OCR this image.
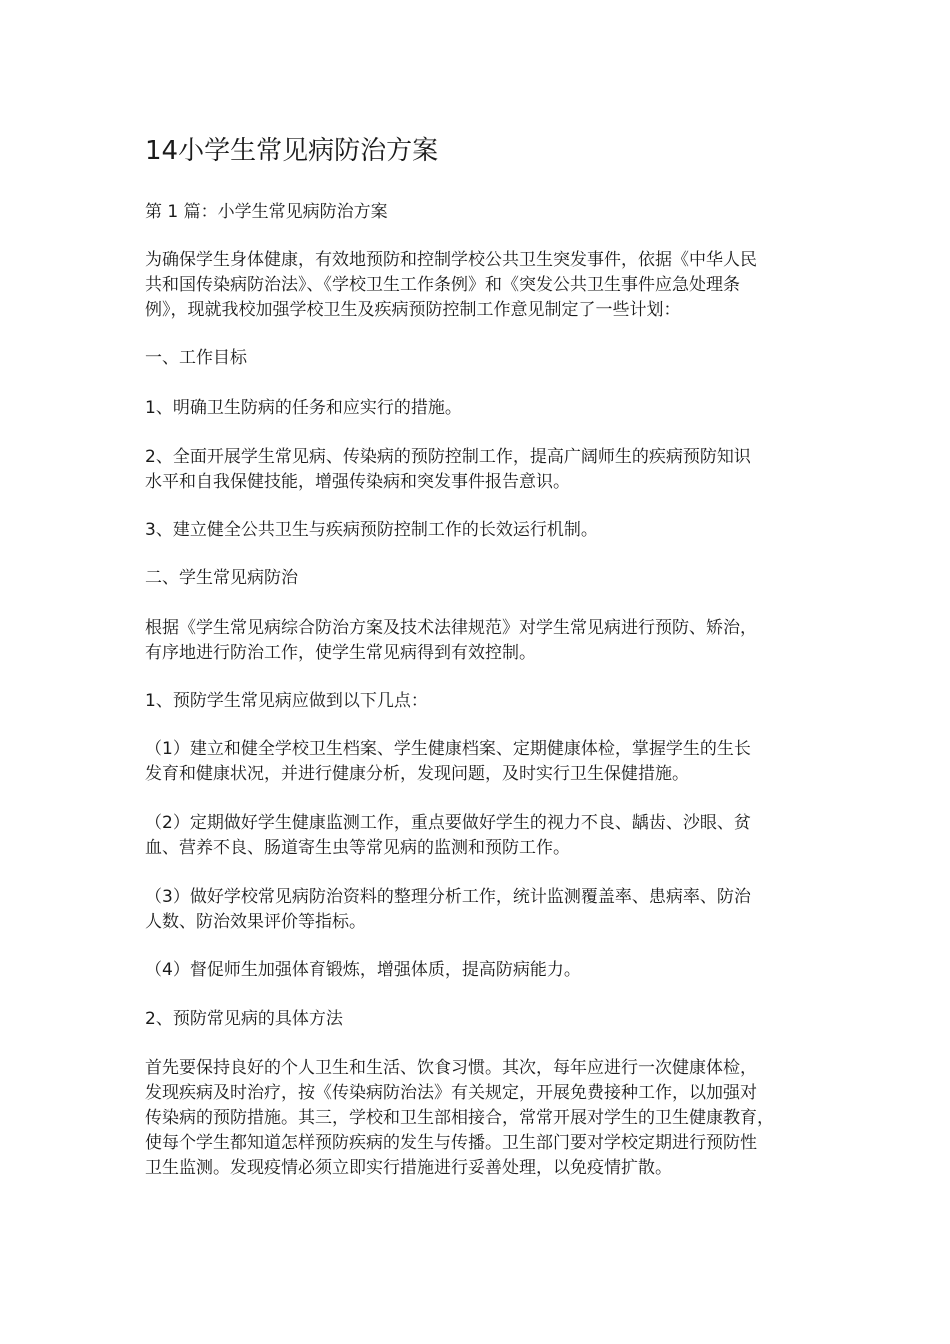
14小学生常见病防治方案

第 1 篇：小学生常见病防治方案

为确保学生身体健康，有效地预防和控制学校公共卫生突发事件，依据《中华人民
共和国传染病防治法》、《学校卫生工作条例》和《突发公共卫生事件应急处理条
例》，现就我校加强学校卫生及疾病预防控制工作意见制定了一些计划：

一、工作目标

1、明确卫生防病的任务和应实行的措施。

2、全面开展学生常见病、传染病的预防控制工作，提高广阔师生的疾病预防知识
水平和自我保健技能，增强传染病和突发事件报告意识。

3、建立健全公共卫生与疾病预防控制工作的长效运行机制。

二、学生常见病防治

根据《学生常见病综合防治方案及技术法律规范》对学生常见病进行预防、矫治，
有序地进行防治工作，使学生常见病得到有效控制。

1、预防学生常见病应做到以下几点：

（1）建立和健全学校卫生档案、学生健康档案、定期健康体检，掌握学生的生长
发育和健康状况，并进行健康分析，发现问题，及时实行卫生保健措施。

（2）定期做好学生健康监测工作，重点要做好学生的视力不良、龋齿、沙眼、贫
血、营养不良、肠道寄生虫等常见病的监测和预防工作。

（3）做好学校常见病防治资料的整理分析工作，统计监测覆盖率、患病率、防治
人数、防治效果评价等指标。

（4）督促师生加强体育锻炼，增强体质，提高防病能力。

2、预防常见病的具体方法

首先要保持良好的个人卫生和生活、饮食习惯。其次，每年应进行一次健康体检，
发现疾病及时治疗，按《传染病防治法》有关规定，开展免费接种工作，以加强对
传染病的预防措施。其三，学校和卫生部相接合，常常开展对学生的卫生健康教育，
使每个学生都知道怎样预防疾病的发生与传播。卫生部门要对学校定期进行预防性
卫生监测。发现疫情必须立即实行措施进行妥善处理，以免疫情扩散。
